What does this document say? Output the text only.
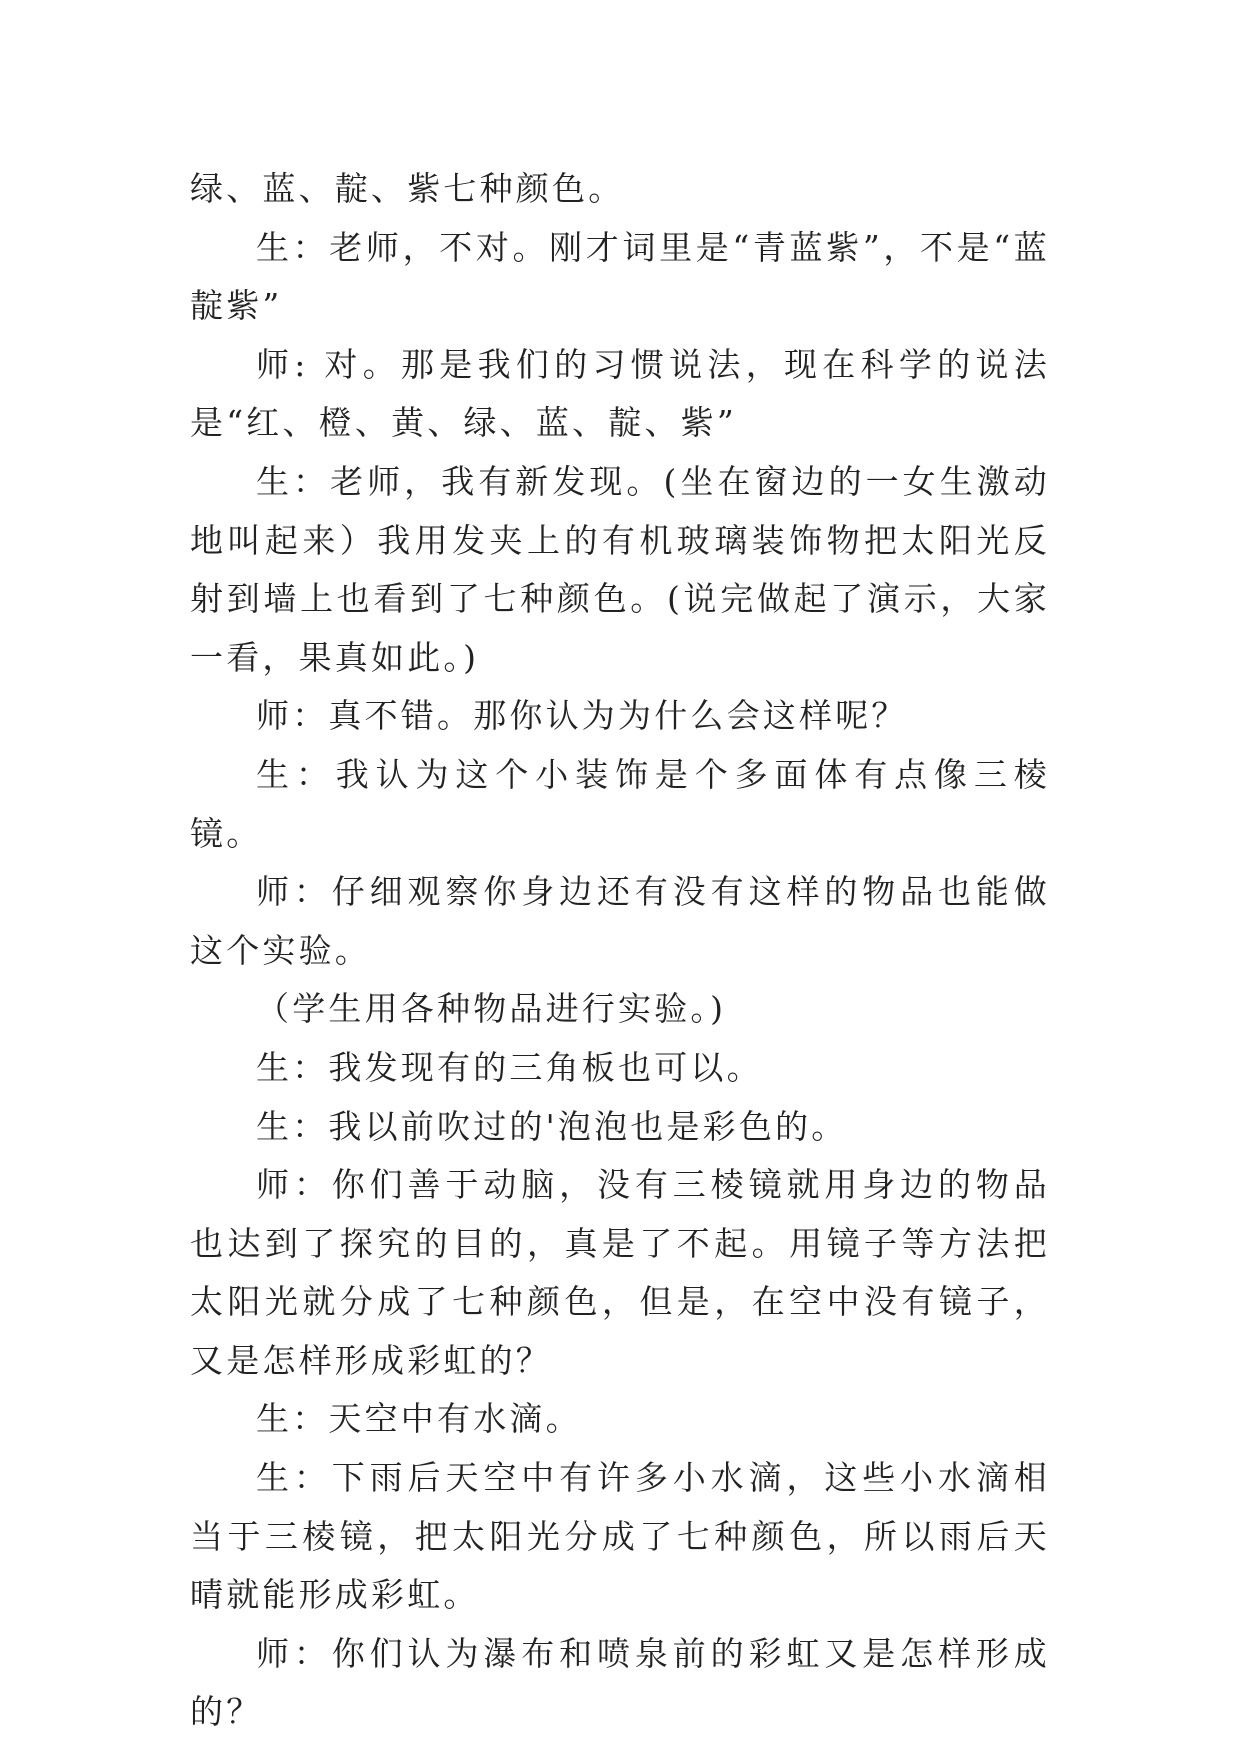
绿、蓝、靛、紫七种颜色。

生：老师，不对。刚才词里是“青蓝紫”，不是“蓝靛紫”

师: 对。那是我们的习惯说法，现在科学的说法是“红、橙、黄、绿、蓝、靛、紫”

生：老师，我有新发现。(坐在窗边的一女生激动地叫起来）我用发夹上的有机玻璃装饰物把太阳光反射到墙上也看到了七种颜色。(说完做起了演示，大家一看，果真如此。)

师：真不错。那你认为为什么会这样呢？

生：我认为这个小装饰是个多面体有点像三棱镜。

师：仔细观察你身边还有没有这样的物品也能做这个实验。

（学生用各种物品进行实验。)

生：我发现有的三角板也可以。

生：我以前吹过的'泡泡也是彩色的。

师：你们善于动脑，没有三棱镜就用身边的物品也达到了探究的目的，真是了不起。用镜子等方法把太阳光就分成了七种颜色，但是，在空中没有镜子，又是怎样形成彩虹的？

生：天空中有水滴。

生：下雨后天空中有许多小水滴，这些小水滴相当于三棱镜，把太阳光分成了七种颜色，所以雨后天晴就能形成彩虹。

师：你们认为瀑布和喷泉前的彩虹又是怎样形成的？
